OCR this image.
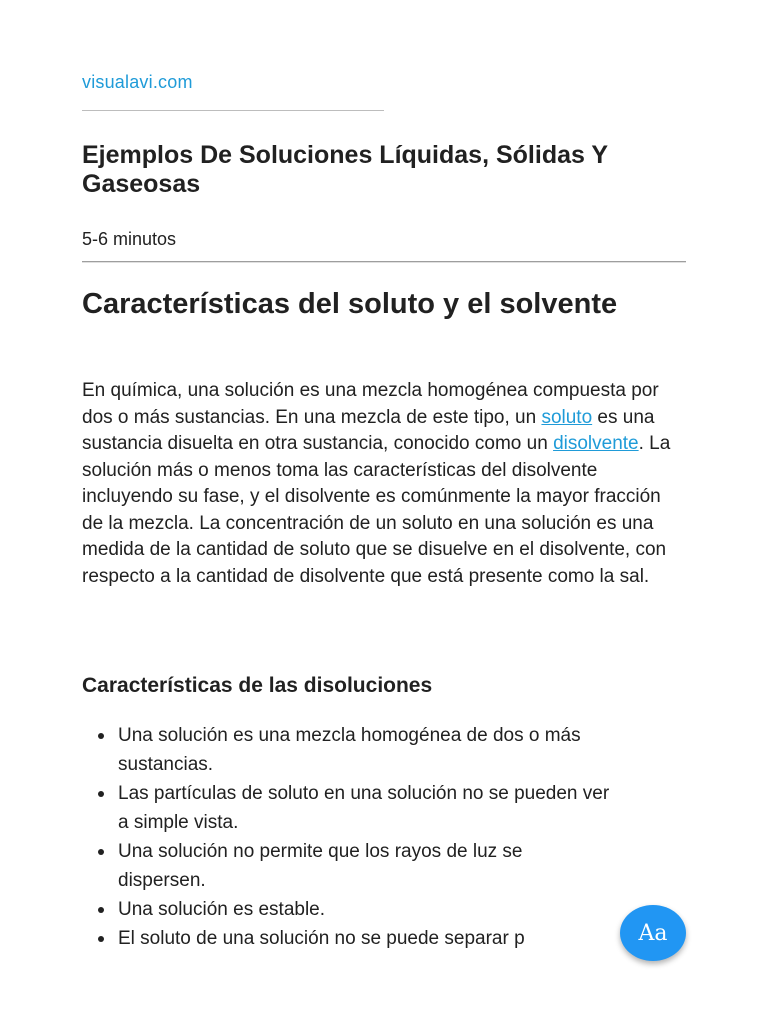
visualavi.com
Ejemplos De Soluciones Líquidas, Sólidas Y Gaseosas
5-6 minutos
Características del soluto y el solvente

En química, una solución es una mezcla homogénea compuesta por dos o más sustancias. En una mezcla de este tipo, un soluto es una sustancia disuelta en otra sustancia, conocido como un disolvente. La solución más o menos toma las características del disolvente incluyendo su fase, y el disolvente es comúnmente la mayor fracción de la mezcla. La concentración de un soluto en una solución es una medida de la cantidad de soluto que se disuelve en el disolvente, con respecto a la cantidad de disolvente que está presente como la sal.

Características de las disoluciones
Una solución es una mezcla homogénea de dos o más sustancias.
Las partículas de soluto en una solución no se pueden ver a simple vista.
Una solución no permite que los rayos de luz se dispersen.
Una solución es estable.
El soluto de una solución no se puede separar p	Aa
